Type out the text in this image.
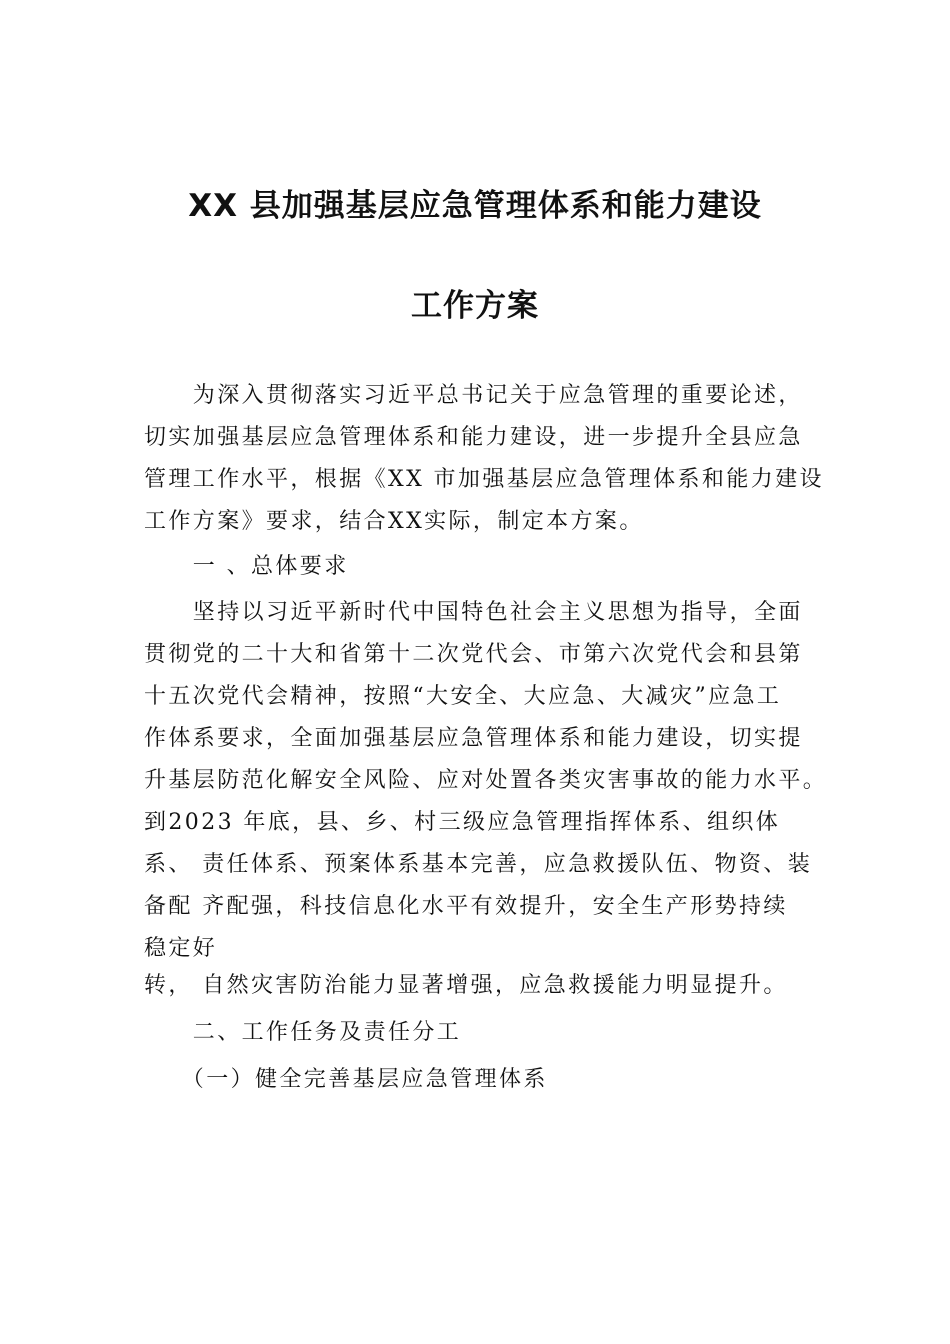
XX 县加强基层应急管理体系和能力建设
工作方案
　　为深入贯彻落实习近平总书记关于应急管理的重要论述，
切实加强基层应急管理体系和能力建设，进一步提升全县应急
管理工作水平，根据《XX 市加强基层应急管理体系和能力建设
工作方案》要求，结合XX实际，制定本方案。
　　一 、总体要求
　　坚持以习近平新时代中国特色社会主义思想为指导，全面
贯彻党的二十大和省第十二次党代会、市第六次党代会和县第
十五次党代会精神，按照“大安全、大应急、大减灾”应急工
作体系要求，全面加强基层应急管理体系和能力建设，切实提
升基层防范化解安全风险、应对处置各类灾害事故的能力水平。
到2023 年底，县、乡、村三级应急管理指挥体系、组织体
系、 责任体系、预案体系基本完善，应急救援队伍、物资、装
备配 齐配强，科技信息化水平有效提升，安全生产形势持续
稳定好
转， 自然灾害防治能力显著增强，应急救援能力明显提升。
　　二、工作任务及责任分工
　　（一）健全完善基层应急管理体系
